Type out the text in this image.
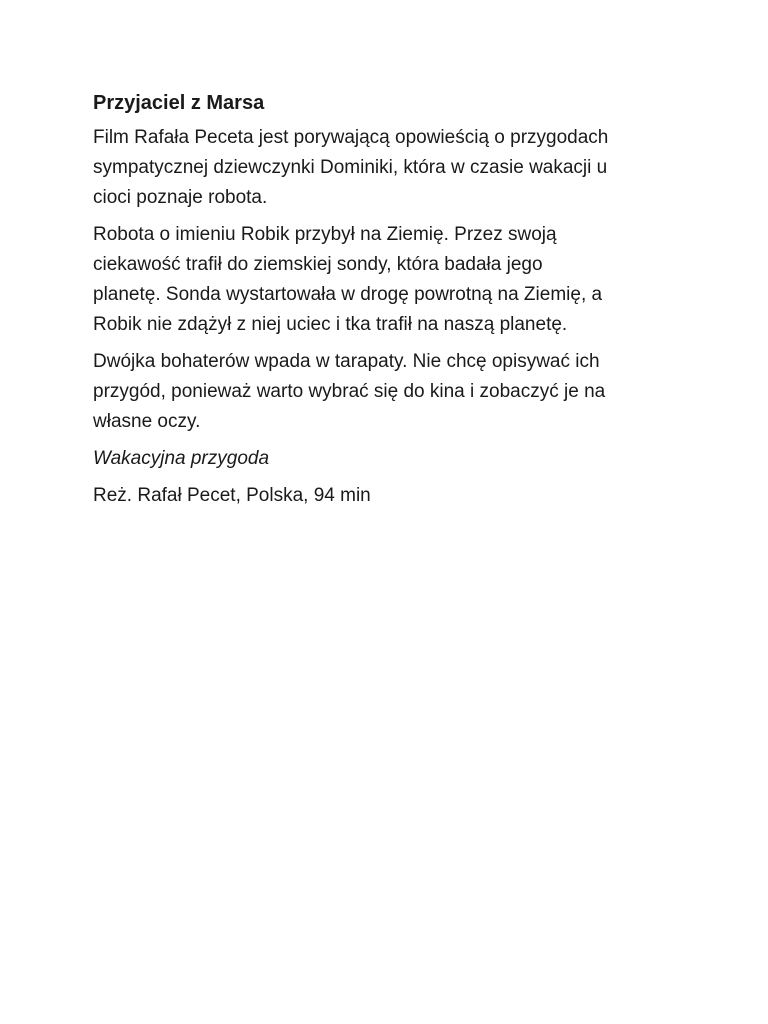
Przyjaciel z Marsa

Film Rafała Peceta jest porywającą opowieścią o przygodach
sympatycznej dziewczynki Dominiki, która w czasie wakacji u
cioci poznaje robota.

Robota o imieniu Robik przybył na Ziemię. Przez swoją
ciekawość trafił do ziemskiej sondy, która badała jego
planetę. Sonda wystartowała w drogę powrotną na Ziemię, a
Robik nie zdążył z niej uciec i tka trafił na naszą planetę.

Dwójka bohaterów wpada w tarapaty. Nie chcę opisywać ich
przygód, ponieważ warto wybrać się do kina i zobaczyć je na
własne oczy.

Wakacyjna przygoda

Reż. Rafał Pecet, Polska, 94 min
